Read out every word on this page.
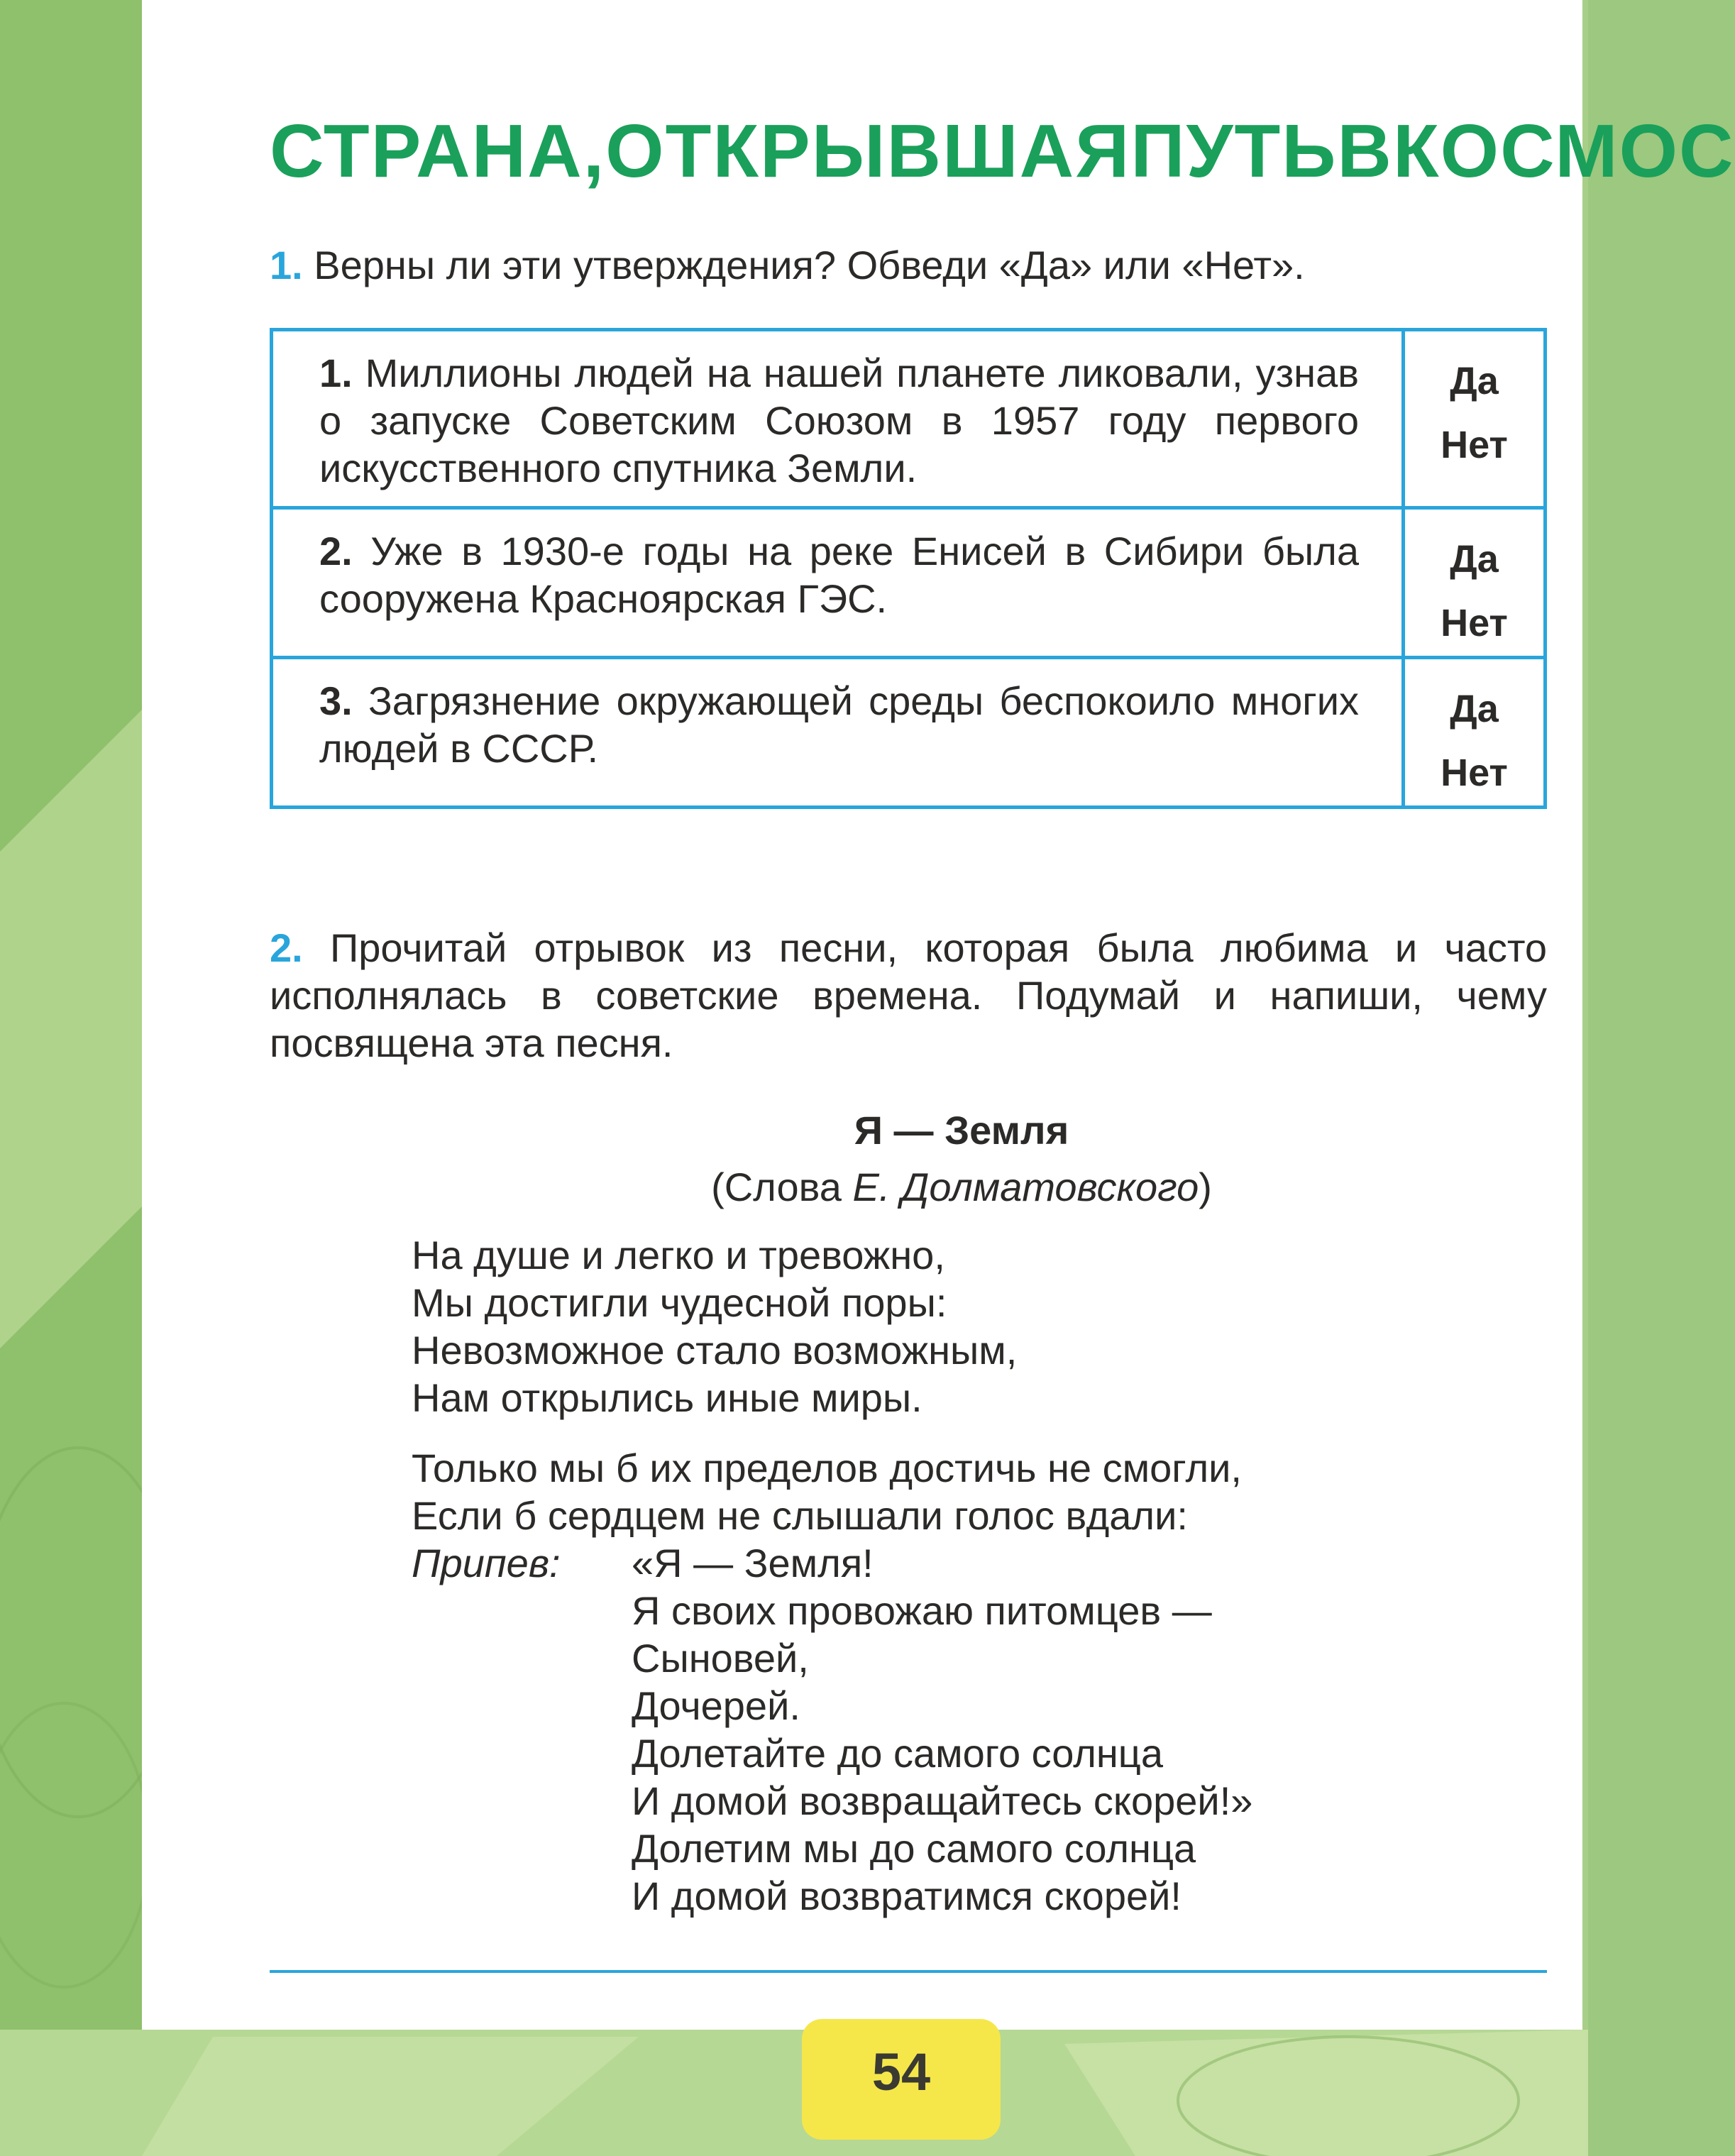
СТРАНА, ОТКРЫВШАЯ ПУТЬ В КОСМОС
1. Верны ли эти утверждения? Обведи «Да» или «Нет».
1. Миллионы людей на нашей планете ликовали, узнав о запуске Советским Союзом в 1957 году первого искусственного спутника Земли.	Да
Нет

2. Уже в 1930-е годы на реке Енисей в Сибири была сооружена Красноярская ГЭС.	Да
Нет

3. Загрязнение окружающей среды беспокоило многих людей в СССР.	Да
Нет
2. Прочитай отрывок из песни, которая была любима и часто исполнялась в советские времена. Подумай и напиши, чему посвящена эта песня.
Я — Земля
(Слова Е. Долматовского)
На душе и легко и тревожно,
Мы достигли чудесной поры:
Невозможное стало возможным,
Нам открылись иные миры.
Только мы б их пределов достичь не смогли,
Если б сердцем не слышали голос вдали:
Припев: «Я — Земля!
Я своих провожаю питомцев —
Сыновей,
Дочерей.
Долетайте до самого солнца
И домой возвращайтесь скорей!»
Долетим мы до самого солнца
И домой возвратимся скорей!
54
